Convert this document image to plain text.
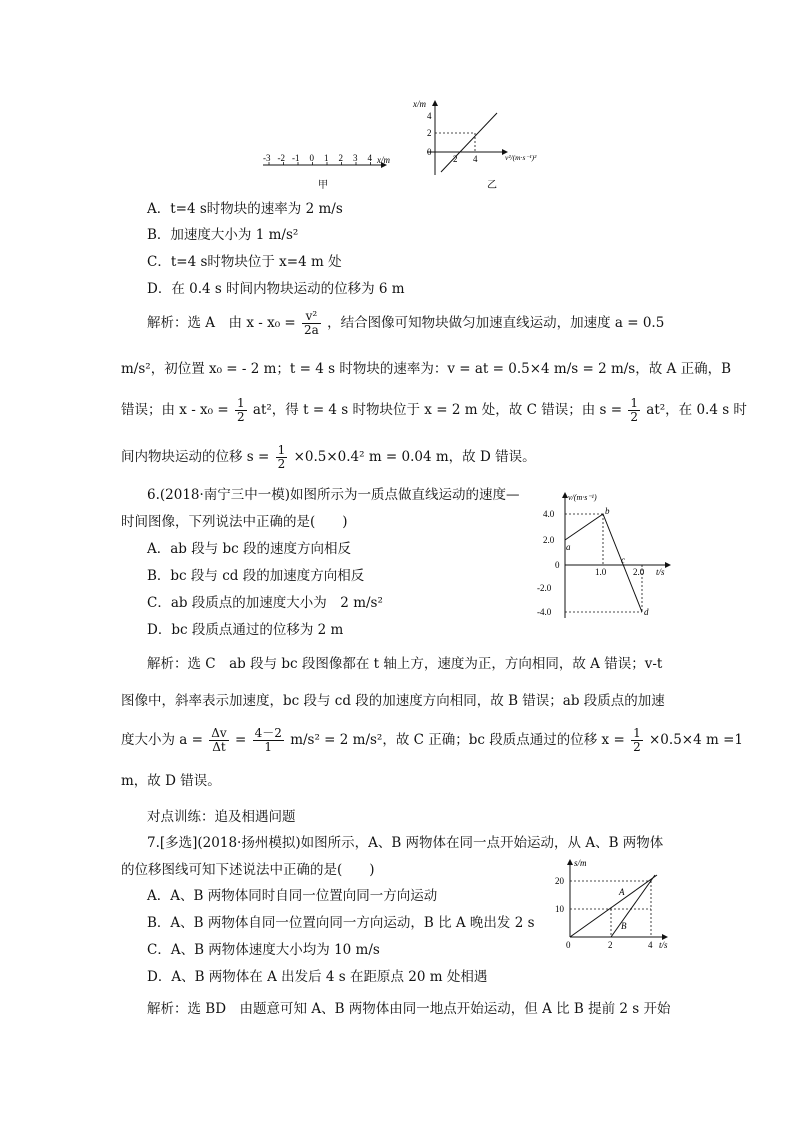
-3 -2 -1 0 1 2 3 4 x/m
甲
x/m
4
2
0
2 4	v²/(m·s⁻¹)²
乙
A．t=4 s时物块的速率为 2 m/s
B．加速度大小为 1 m/s²
C．t=4 s时物块位于 x=4 m 处
D．在 0.4 s 时间内物块运动的位移为 6 m
解析：选 A　由 $x - x_0 = \frac{\text{v²}}{2a}$ ，结合图像可知物块做匀加速直线运动，加速度 a = 0.5
m/s²，初位置 x₀ = - 2 m；t = 4 s 时物块的速率为：v = at = 0.5×4 m/s = 2 m/s，故 A 正确，B
错误；由 $x - x_0 = \frac{1}{2} at^2$，得 t = 4 s 时物块位于 x = 2 m 处，故 C 错误；由 $s = \frac{1}{2} at^2$，在 0.4 s 时
间内物块运动的位移 $s = \frac{1}{2} \times 0.5\times 0.4^2$ m = 0.04 m，故 D 错误。
6.(2018·南宁三中一模)如图所示为一质点做直线运动的速度—
时间图像，下列说法中正确的是(　　)
A．ab 段与 bc 段的速度方向相反
B．bc 段与 cd 段的加速度方向相反
C．ab 段质点的加速度大小为　2 m/s²
D．bc 段质点通过的位移为 2 m
v/(m·s⁻¹)
4.0
2.0
0
-2.0
-4.0
1.0	2.0 t/s
a
b
c
d
解析：选 C　ab 段与 bc 段图像都在 t 轴上方，速度为正，方向相同，故 A 错误；v-t
图像中，斜率表示加速度，bc 段与 cd 段的加速度方向相同，故 B 错误；ab 段质点的加速
度大小为 $a = \frac{\Delta v}{\Delta t} = \frac{4-2}{1} m/s^2 = 2$ m/s²，故 C 正确；bc 段质点通过的位移 $x = \frac{1}{2} \times 0.5\times 4$ m =1
m，故 D 错误。
对点训练：追及相遇问题
7.[多选](2018·扬州模拟)如图所示，A、B 两物体在同一点开始运动，从 A、B 两物体
的位移图线可知下述说法中正确的是(　　)
A．A、B 两物体同时自同一位置向同一方向运动
B．A、B 两物体自同一位置向同一方向运动，B 比 A 晚出发 2 s
C．A、B 两物体速度大小均为 10 m/s
D．A、B 两物体在 A 出发后 4 s 在距原点 20 m 处相遇
s/m
20
10
0	2	4 t/s
A
B
解析：选 BD　由题意可知 A、B 两物体由同一地点开始运动，但 A 比 B 提前 2 s 开始
